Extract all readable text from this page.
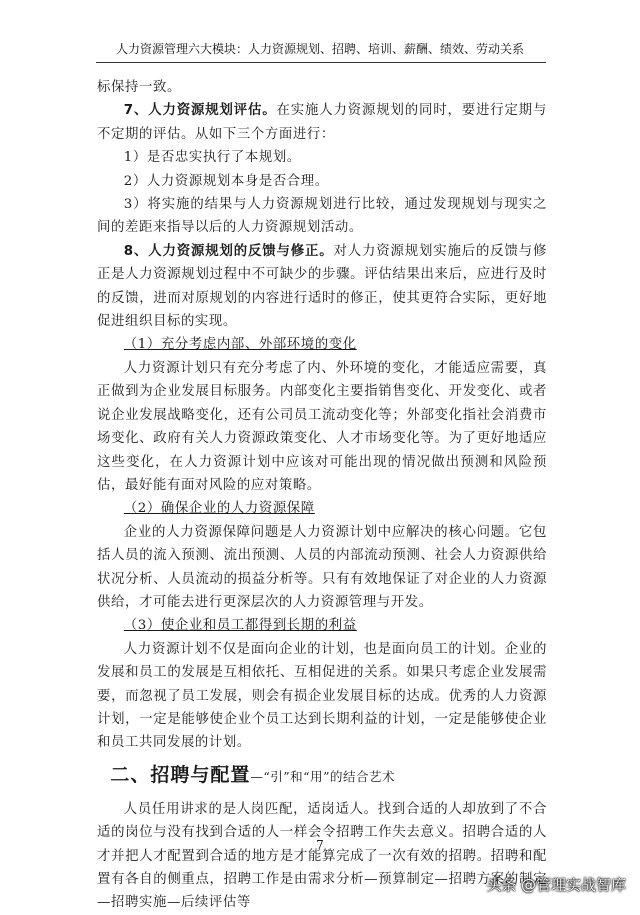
人力资源管理六大模块：人力资源规划、招聘、培训、薪酬、绩效、劳动关系

标保持一致。

7、人力资源规划评估。在实施人力资源规划的同时，要进行定期与不定期的评估。从如下三个方面进行：

1）是否忠实执行了本规划。

2）人力资源规划本身是否合理。

3）将实施的结果与人力资源规划进行比较，通过发现规划与现实之间的差距来指导以后的人力资源规划活动。

8、人力资源规划的反馈与修正。对人力资源规划实施后的反馈与修正是人力资源规划过程中不可缺少的步骤。评估结果出来后，应进行及时的反馈，进而对原规划的内容进行适时的修正，使其更符合实际，更好地促进组织目标的实现。

（1）充分考虑内部、外部环境的变化

人力资源计划只有充分考虑了内、外环境的变化，才能适应需要，真正做到为企业发展目标服务。内部变化主要指销售变化、开发变化、或者说企业发展战略变化，还有公司员工流动变化等；外部变化指社会消费市场变化、政府有关人力资源政策变化、人才市场变化等。为了更好地适应这些变化，在人力资源计划中应该对可能出现的情况做出预测和风险预估，最好能有面对风险的应对策略。

（2）确保企业的人力资源保障

企业的人力资源保障问题是人力资源计划中应解决的核心问题。它包括人员的流入预测、流出预测、人员的内部流动预测、社会人力资源供给状况分析、人员流动的损益分析等。只有有效地保证了对企业的人力资源供给，才可能去进行更深层次的人力资源管理与开发。

（3）使企业和员工都得到长期的利益

人力资源计划不仅是面向企业的计划，也是面向员工的计划。企业的发展和员工的发展是互相依托、互相促进的关系。如果只考虑企业发展需要，而忽视了员工发展，则会有损企业发展目标的达成。优秀的人力资源计划，一定是能够使企业个员工达到长期利益的计划，一定是能够使企业和员工共同发展的计划。

二、招聘与配置—“引”和“用”的结合艺术

人员任用讲求的是人岗匹配，适岗适人。找到合适的人却放到了不合适的岗位与没有找到合适的人一样会令招聘工作失去意义。招聘合适的人才并把人才配置到合适的地方是才能算完成了一次有效的招聘。招聘和配置有各自的侧重点，招聘工作是由需求分析—预算制定—招聘方案的制定—招聘实施—后续评估等

7
头条 @管理实战智库
